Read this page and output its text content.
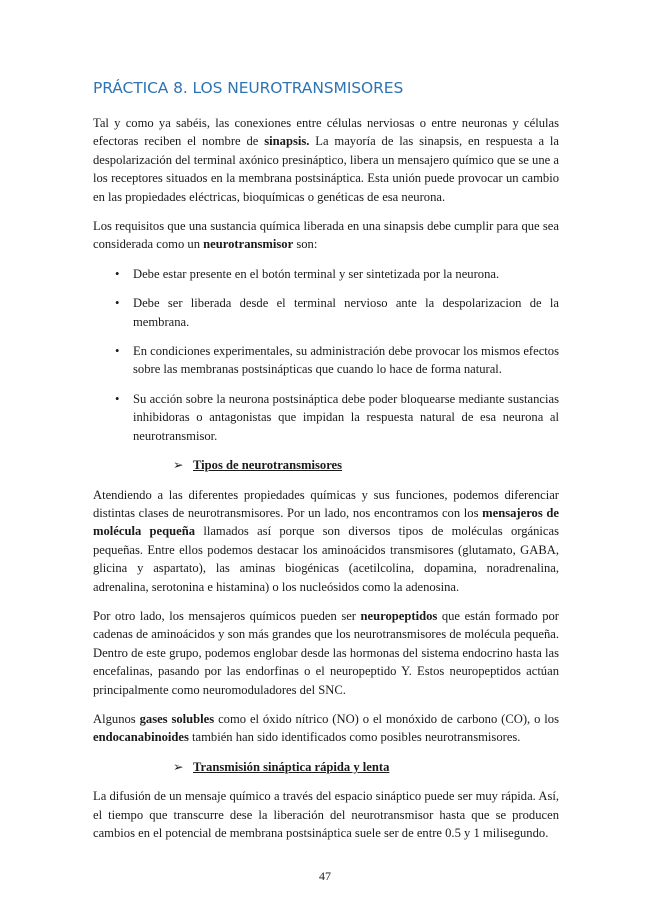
PRÁCTICA 8. LOS NEUROTRANSMISORES

Tal y como ya sabéis, las conexiones entre células nerviosas o entre neuronas y células efectoras reciben el nombre de sinapsis. La mayoría de las sinapsis, en respuesta a la despolarización del terminal axónico presináptico, libera un mensajero químico que se une a los receptores situados en la membrana postsináptica. Esta unión puede provocar un cambio en las propiedades eléctricas, bioquímicas o genéticas de esa neurona.

Los requisitos que una sustancia química liberada en una sinapsis debe cumplir para que sea considerada como un neurotransmisor son:

• Debe estar presente en el botón terminal y ser sintetizada por la neurona.
• Debe ser liberada desde el terminal nervioso ante la despolarizacion de la membrana.
• En condiciones experimentales, su administración debe provocar los mismos efectos sobre las membranas postsinápticas que cuando lo hace de forma natural.
• Su acción sobre la neurona postsináptica debe poder bloquearse mediante sustancias inhibidoras o antagonistas que impidan la respuesta natural de esa neurona al neurotransmisor.
➢ Tipos de neurotransmisores

Atendiendo a las diferentes propiedades químicas y sus funciones, podemos diferenciar distintas clases de neurotransmisores. Por un lado, nos encontramos con los mensajeros de molécula pequeña llamados así porque son diversos tipos de moléculas orgánicas pequeñas. Entre ellos podemos destacar los aminoácidos transmisores (glutamato, GABA, glicina y aspartato), las aminas biogénicas (acetilcolina, dopamina, noradrenalina, adrenalina, serotonina e histamina) o los nucleósidos como la adenosina.

Por otro lado, los mensajeros químicos pueden ser neuropeptidos que están formado por cadenas de aminoácidos y son más grandes que los neurotransmisores de molécula pequeña. Dentro de este grupo, podemos englobar desde las hormonas del sistema endocrino hasta las encefalinas, pasando por las endorfinas o el neuropeptido Y. Estos neuropeptidos actúan principalmente como neuromoduladores del SNC.

Algunos gases solubles como el óxido nítrico (NO) o el monóxido de carbono (CO), o los endocanabinoides también han sido identificados como posibles neurotransmisores.

➢ Transmisión sináptica rápida y lenta

La difusión de un mensaje químico a través del espacio sináptico puede ser muy rápida. Así, el tiempo que transcurre dese la liberación del neurotransmisor hasta que se producen cambios en el potencial de membrana postsináptica suele ser de entre 0.5 y 1 milisegundo.

47
